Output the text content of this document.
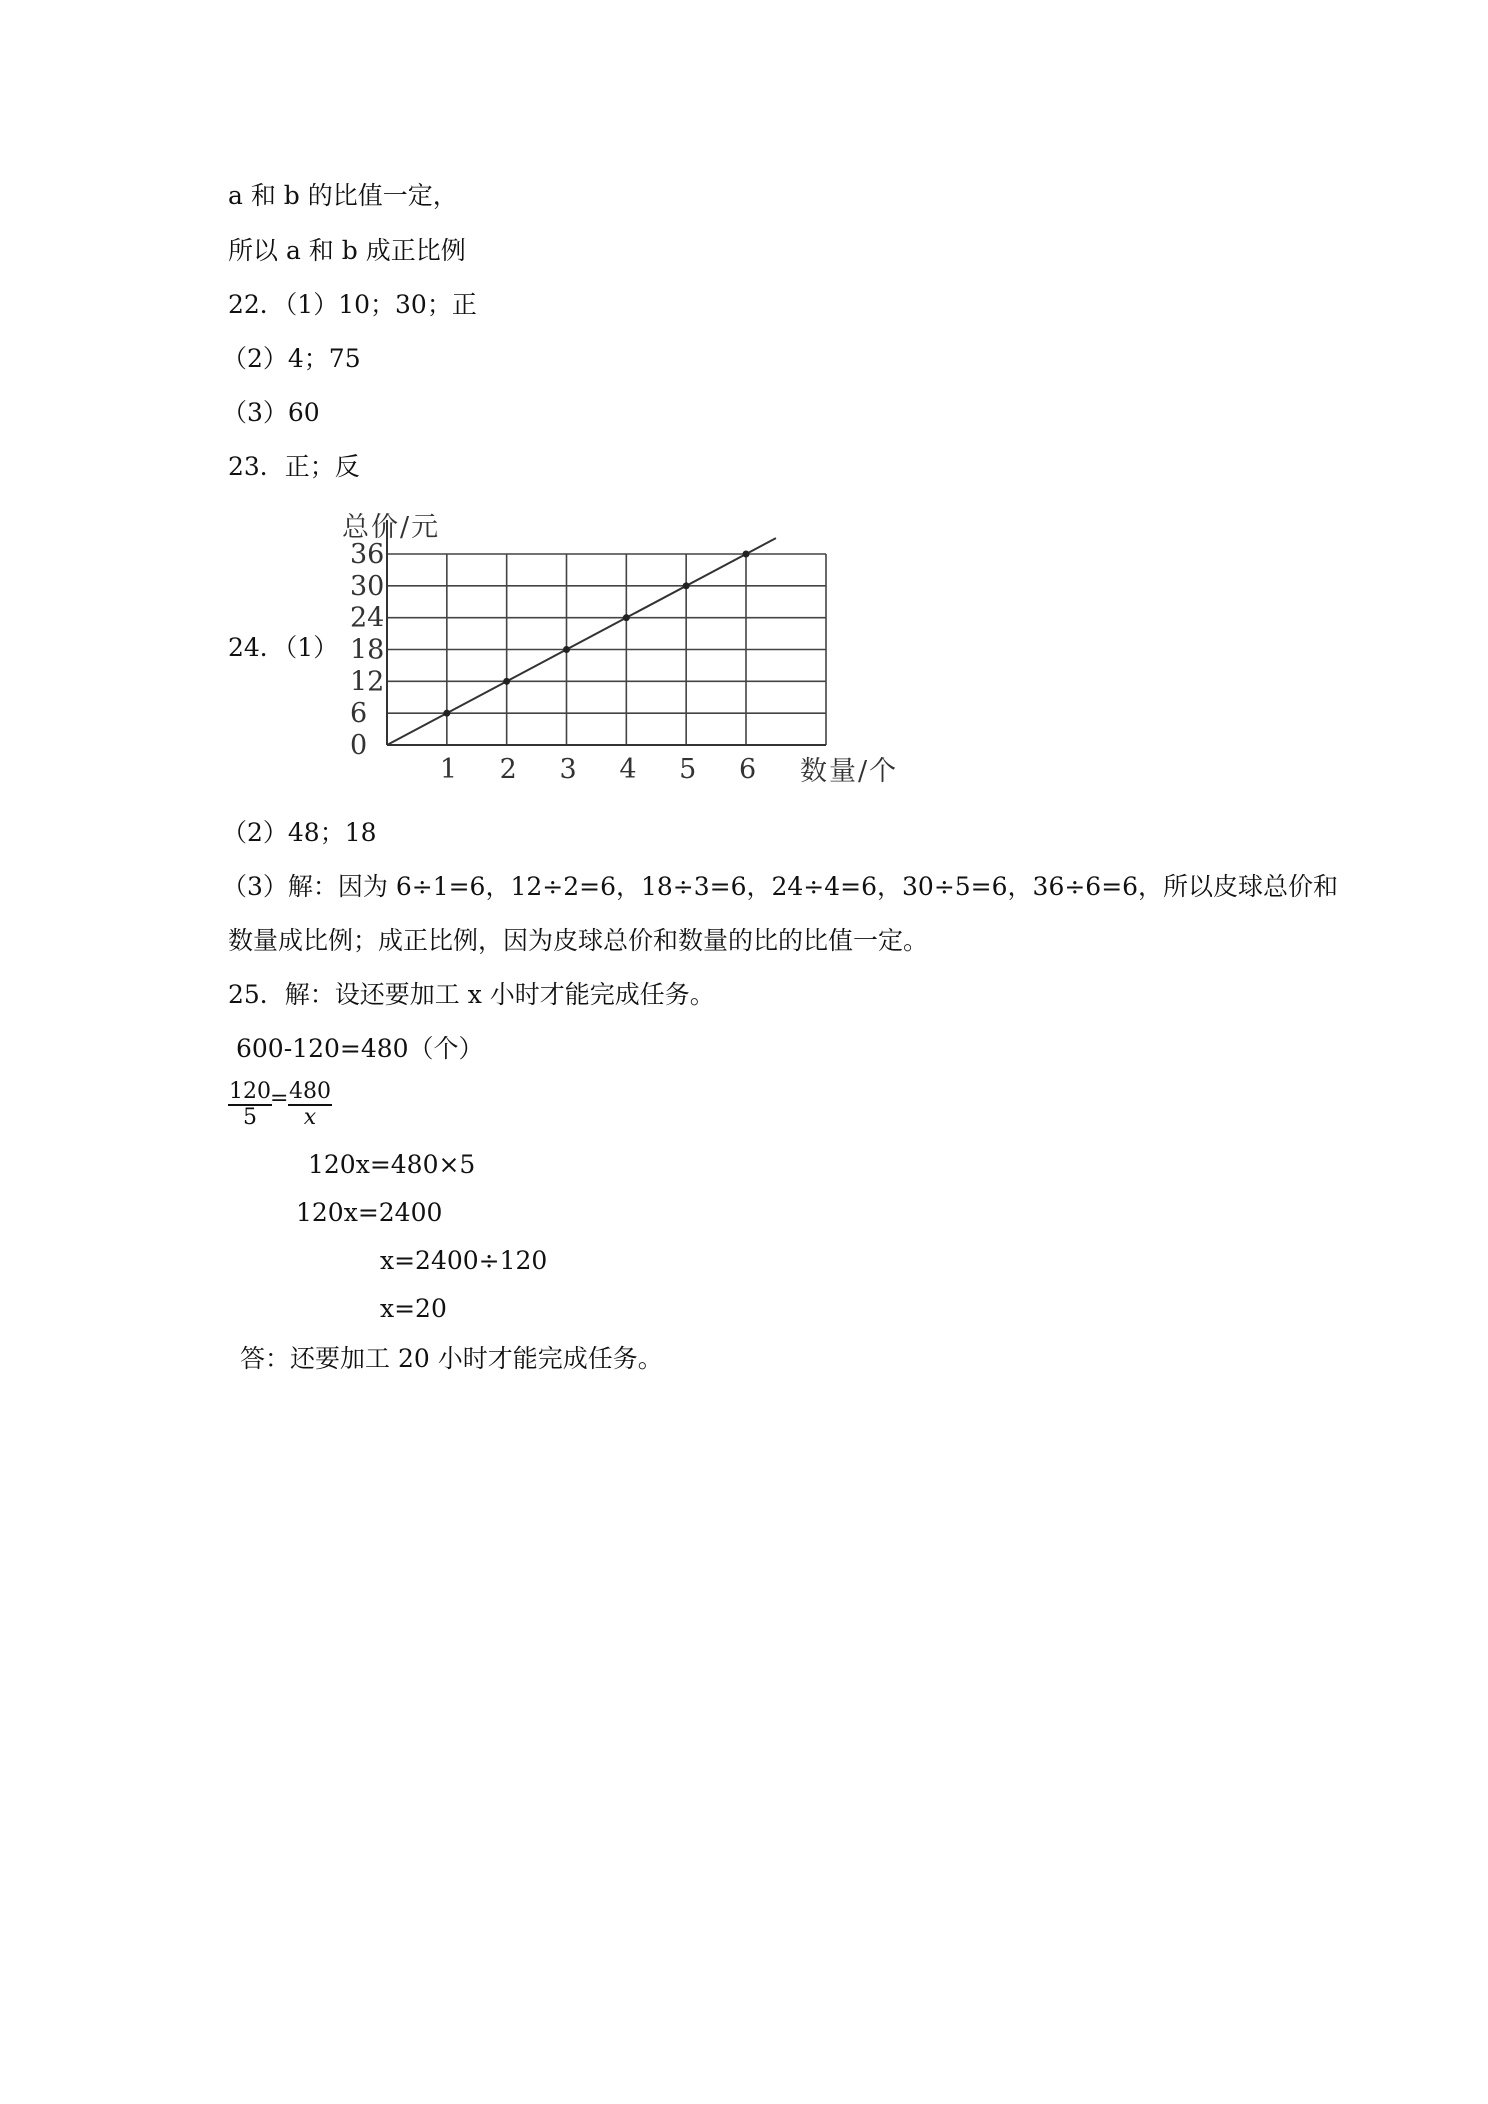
a 和 b 的比值一定，
所以 a 和 b 成正比例
22．（1）10；30；正
（2）4；75
（3）60
23．正；反
24．（1）
0
6
12
18
24
30
36
1 2 3 4 5 6
总价/元
数量/个
（2）48；18
（3）解：因为 6÷1=6，12÷2=6，18÷3=6，24÷4=6，30÷5=6，36÷6=6，所以皮球总价和
数量成比例；成正比例，因为皮球总价和数量的比的比值一定。
25．解：设还要加工 x 小时才能完成任务。
600-120=480（个）
$\frac{120}{5}$
= $\frac{480}{x}$
120x=480×5
120x=2400
x=2400÷120
x=20
答：还要加工 20 小时才能完成任务。
